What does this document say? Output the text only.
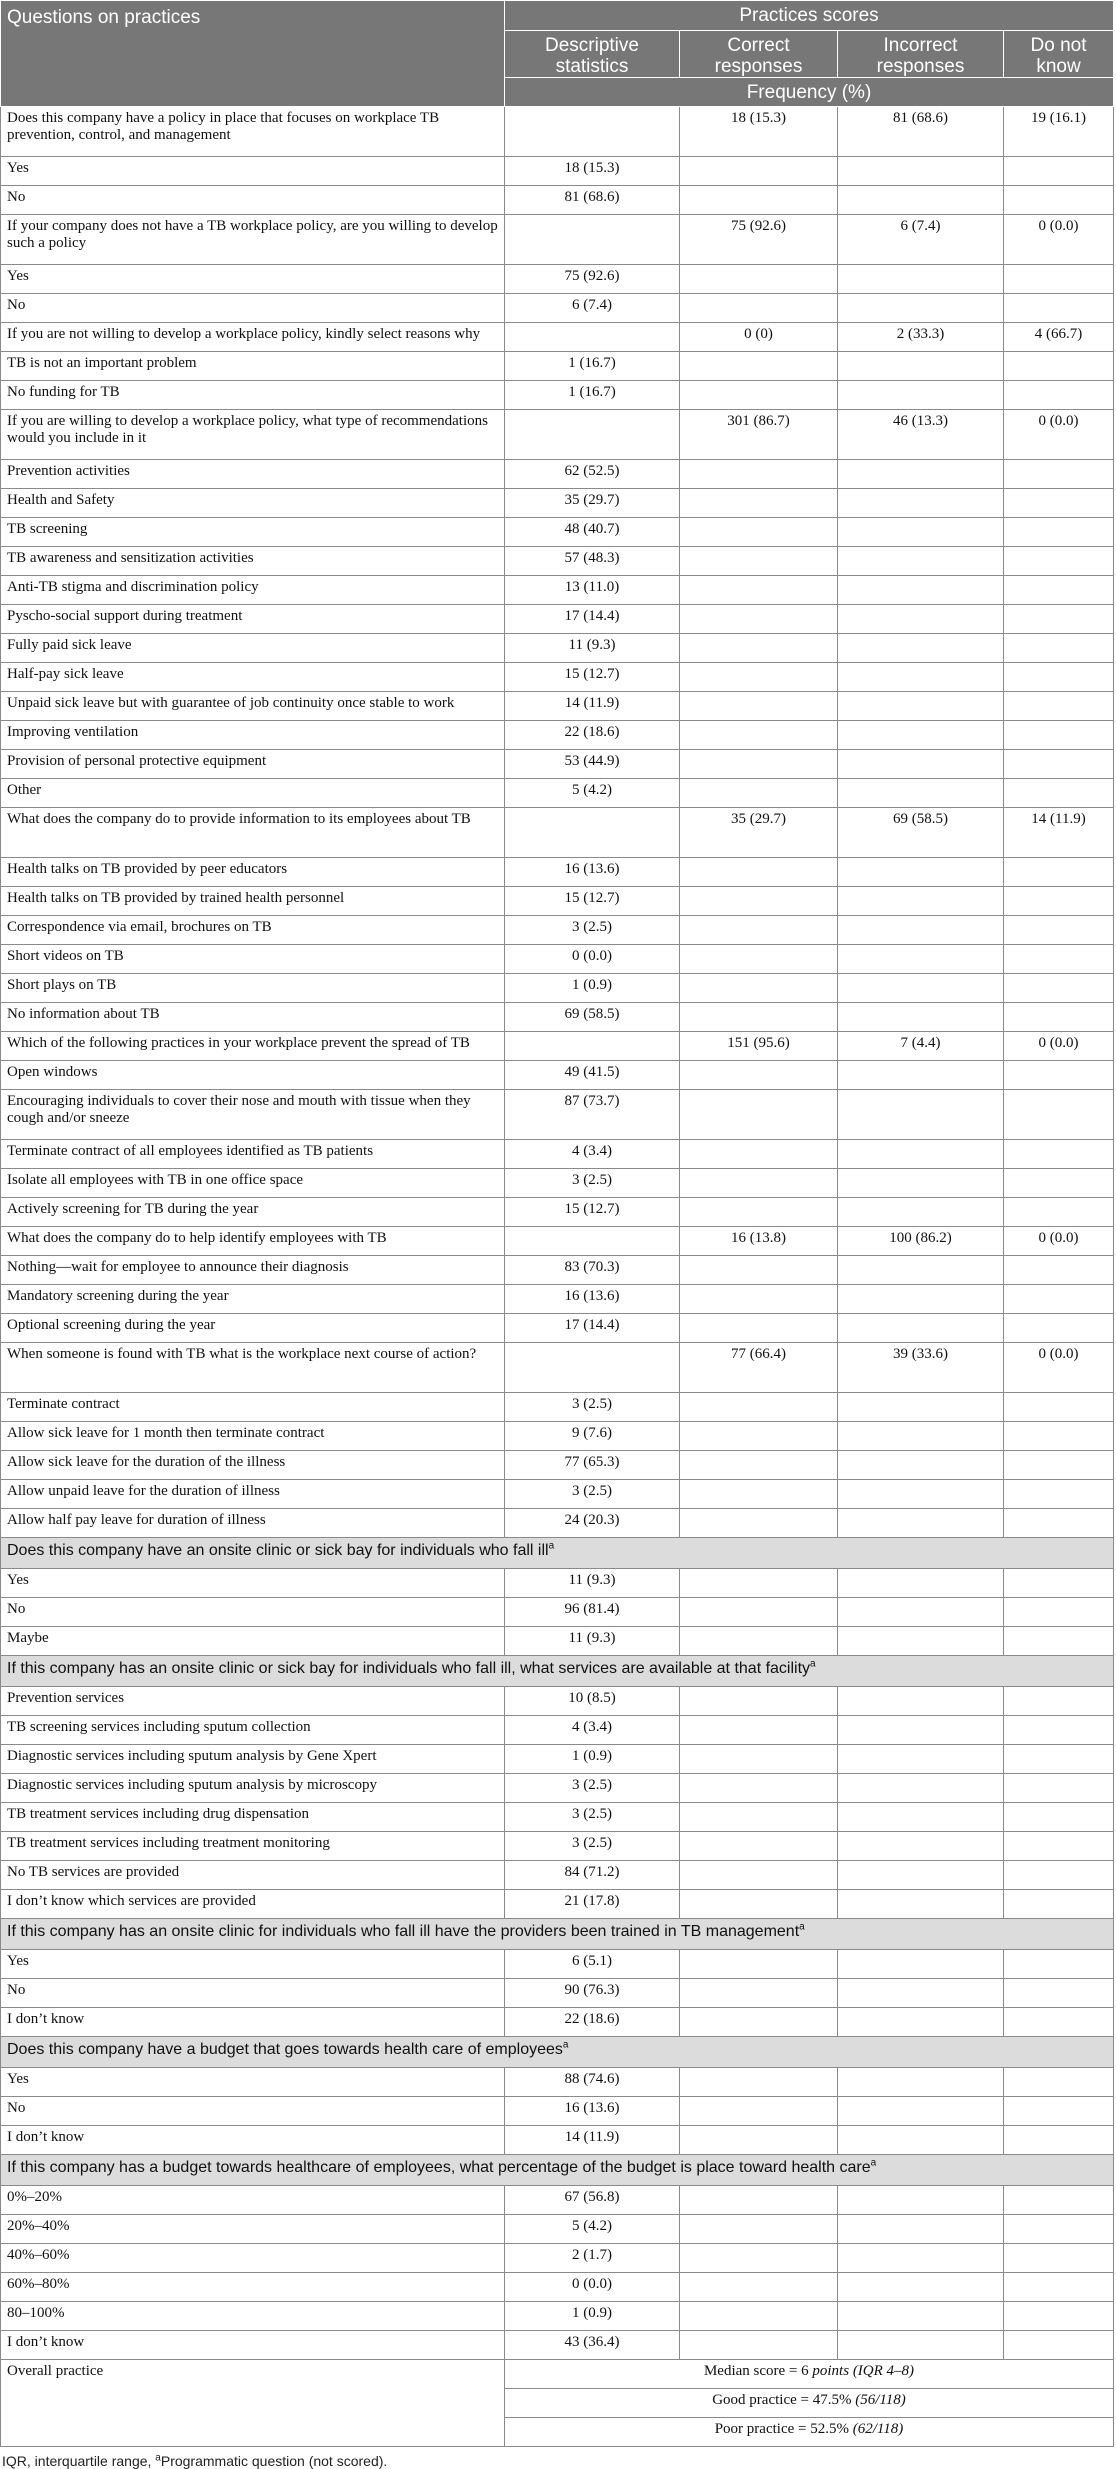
Questions on practices	Practices scores			
	Descriptive statistics	Correct responses	Incorrect responses	Do not know
	Frequency (%)			
Does this company have a policy in place that focuses on workplace TB prevention, control, and management		18 (15.3)	81 (68.6)	19 (16.1)
Yes	18 (15.3)			
No	81 (68.6)			
If your company does not have a TB workplace policy, are you willing to develop such a policy		75 (92.6)	6 (7.4)	0 (0.0)
Yes	75 (92.6)			
No	6 (7.4)			
If you are not willing to develop a workplace policy, kindly select reasons why		0 (0)	2 (33.3)	4 (66.7)
TB is not an important problem	1 (16.7)			
No funding for TB	1 (16.7)			
If you are willing to develop a workplace policy, what type of recommendations would you include in it		301 (86.7)	46 (13.3)	0 (0.0)
Prevention activities	62 (52.5)			
Health and Safety	35 (29.7)			
TB screening	48 (40.7)			
TB awareness and sensitization activities	57 (48.3)			
Anti-TB stigma and discrimination policy	13 (11.0)			
Pyscho-social support during treatment	17 (14.4)			
Fully paid sick leave	11 (9.3)			
Half-pay sick leave	15 (12.7)			
Unpaid sick leave but with guarantee of job continuity once stable to work	14 (11.9)			
Improving ventilation	22 (18.6)			
Provision of personal protective equipment	53 (44.9)			
Other	5 (4.2)			
What does the company do to provide information to its employees about TB		35 (29.7)	69 (58.5)	14 (11.9)
Health talks on TB provided by peer educators	16 (13.6)			
Health talks on TB provided by trained health personnel	15 (12.7)			
Correspondence via email, brochures on TB	3 (2.5)			
Short videos on TB	0 (0.0)			
Short plays on TB	1 (0.9)			
No information about TB	69 (58.5)			
Which of the following practices in your workplace prevent the spread of TB		151 (95.6)	7 (4.4)	0 (0.0)
Open windows	49 (41.5)			
Encouraging individuals to cover their nose and mouth with tissue when they cough and/or sneeze	87 (73.7)			
Terminate contract of all employees identified as TB patients	4 (3.4)			
Isolate all employees with TB in one office space	3 (2.5)			
Actively screening for TB during the year	15 (12.7)			
What does the company do to help identify employees with TB		16 (13.8)	100 (86.2)	0 (0.0)
Nothing—wait for employee to announce their diagnosis	83 (70.3)			
Mandatory screening during the year	16 (13.6)			
Optional screening during the year	17 (14.4)			
When someone is found with TB what is the workplace next course of action?		77 (66.4)	39 (33.6)	0 (0.0)
Terminate contract	3 (2.5)			
Allow sick leave for 1 month then terminate contract	9 (7.6)			
Allow sick leave for the duration of the illness	77 (65.3)			
Allow unpaid leave for the duration of illness	3 (2.5)			
Allow half pay leave for duration of illness	24 (20.3)			
Does this company have an onsite clinic or sick bay for individuals who fall ill$^a$
Yes	11 (9.3)			
No	96 (81.4)			
Maybe	11 (9.3)			
If this company has an onsite clinic or sick bay for individuals who fall ill, what services are available at that facility$^a$
Prevention services	10 (8.5)			
TB screening services including sputum collection	4 (3.4)			
Diagnostic services including sputum analysis by Gene Xpert	1 (0.9)			
Diagnostic services including sputum analysis by microscopy	3 (2.5)			
TB treatment services including drug dispensation	3 (2.5)			
TB treatment services including treatment monitoring	3 (2.5)			
No TB services are provided	84 (71.2)			
I don’t know which services are provided	21 (17.8)			
If this company has an onsite clinic for individuals who fall ill have the providers been trained in TB management$^a$
Yes	6 (5.1)			
No	90 (76.3)			
I don’t know	22 (18.6)			
Does this company have a budget that goes towards health care of employees$^a$
Yes	88 (74.6)			
No	16 (13.6)			
I don’t know	14 (11.9)			
If this company has a budget towards healthcare of employees, what percentage of the budget is place toward health care$^a$
0%–20%	67 (56.8)			
20%–40%	5 (4.2)			
40%–60%	2 (1.7)			
60%–80%	0 (0.0)			
80–100%	1 (0.9)			
I don’t know	43 (36.4)			
Overall practice	Median score = 6 points (IQR 4–8)			
	Good practice = 47.5% (56/118)			
	Poor practice = 52.5% (62/118)			
IQR, interquartile range, $^a$Programmatic question (not scored).
